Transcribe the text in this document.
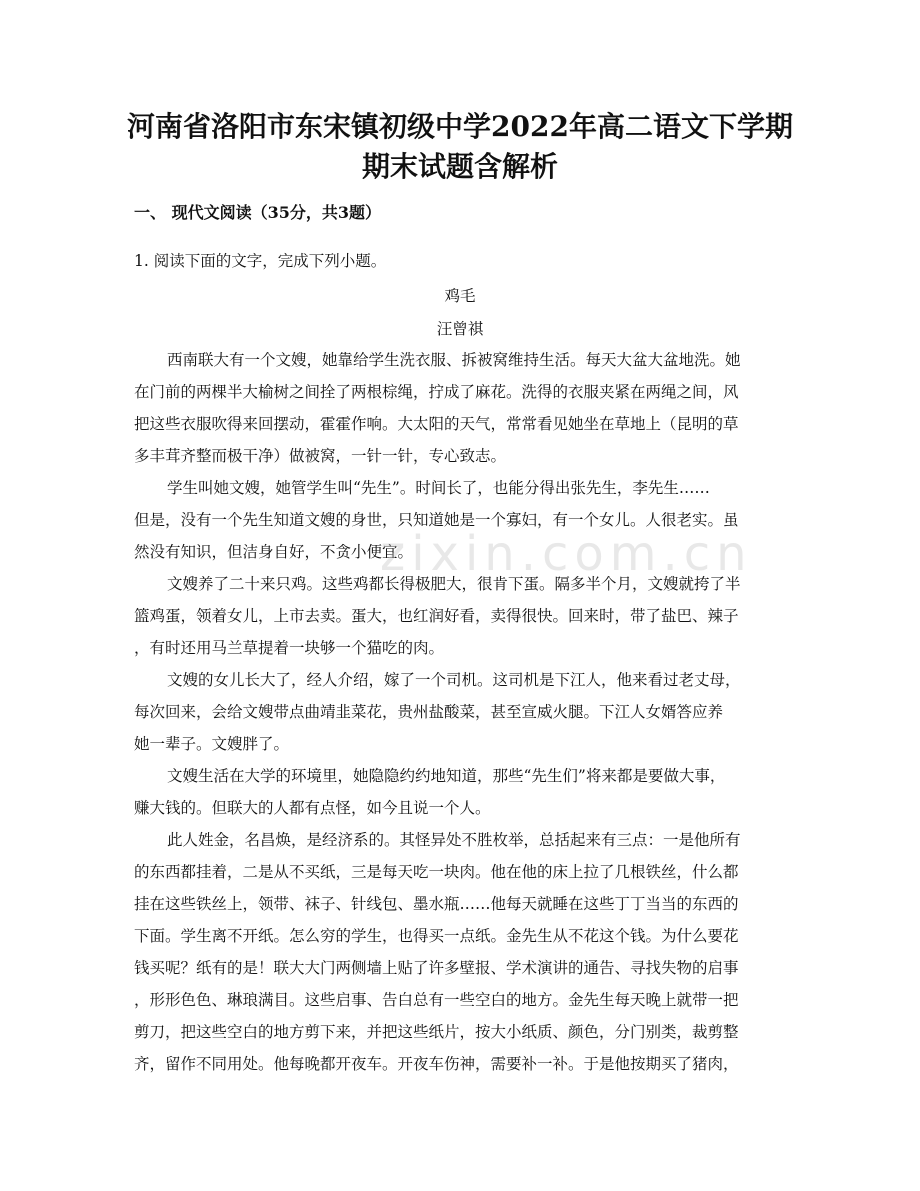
河南省洛阳市东宋镇初级中学2022年高二语文下学期
期末试题含解析

一、 现代文阅读（35分，共3题）

1. 阅读下面的文字，完成下列小题。

鸡毛

汪曾祺

西南联大有一个文嫂，她靠给学生洗衣服、拆被窝维持生活。每天大盆大盆地洗。她

在门前的两棵半大榆树之间拴了两根棕绳，拧成了麻花。洗得的衣服夹紧在两绳之间，风

把这些衣服吹得来回摆动，霍霍作响。大太阳的天气，常常看见她坐在草地上（昆明的草

多丰茸齐整而极干净）做被窝，一针一针，专心致志。

学生叫她文嫂，她管学生叫“先生”。时间长了，也能分得出张先生，李先生……

但是，没有一个先生知道文嫂的身世，只知道她是一个寡妇，有一个女儿。人很老实。虽

然没有知识，但洁身自好，不贪小便宜。

文嫂养了二十来只鸡。这些鸡都长得极肥大，很肯下蛋。隔多半个月，文嫂就挎了半

篮鸡蛋，领着女儿，上市去卖。蛋大，也红润好看，卖得很快。回来时，带了盐巴、辣子

，有时还用马兰草提着一块够一个猫吃的肉。

文嫂的女儿长大了，经人介绍，嫁了一个司机。这司机是下江人，他来看过老丈母，

每次回来，会给文嫂带点曲靖韭菜花，贵州盐酸菜，甚至宣威火腿。下江人女婿答应养

她一辈子。文嫂胖了。

文嫂生活在大学的环境里，她隐隐约约地知道，那些“先生们”将来都是要做大事，

赚大钱的。但联大的人都有点怪，如今且说一个人。

此人姓金，名昌焕，是经济系的。其怪异处不胜枚举，总括起来有三点：一是他所有

的东西都挂着，二是从不买纸，三是每天吃一块肉。他在他的床上拉了几根铁丝，什么都

挂在这些铁丝上，领带、袜子、针线包、墨水瓶……他每天就睡在这些丁丁当当的东西的

下面。学生离不开纸。怎么穷的学生，也得买一点纸。金先生从不花这个钱。为什么要花

钱买呢？纸有的是！联大大门两侧墙上贴了许多壁报、学术演讲的通告、寻找失物的启事

，形形色色、琳琅满目。这些启事、告白总有一些空白的地方。金先生每天晚上就带一把

剪刀，把这些空白的地方剪下来，并把这些纸片，按大小纸质、颜色，分门别类，裁剪整

齐，留作不同用处。他每晚都开夜车。开夜车伤神，需要补一补。于是他按期买了猪肉，

zixin.com.cn
